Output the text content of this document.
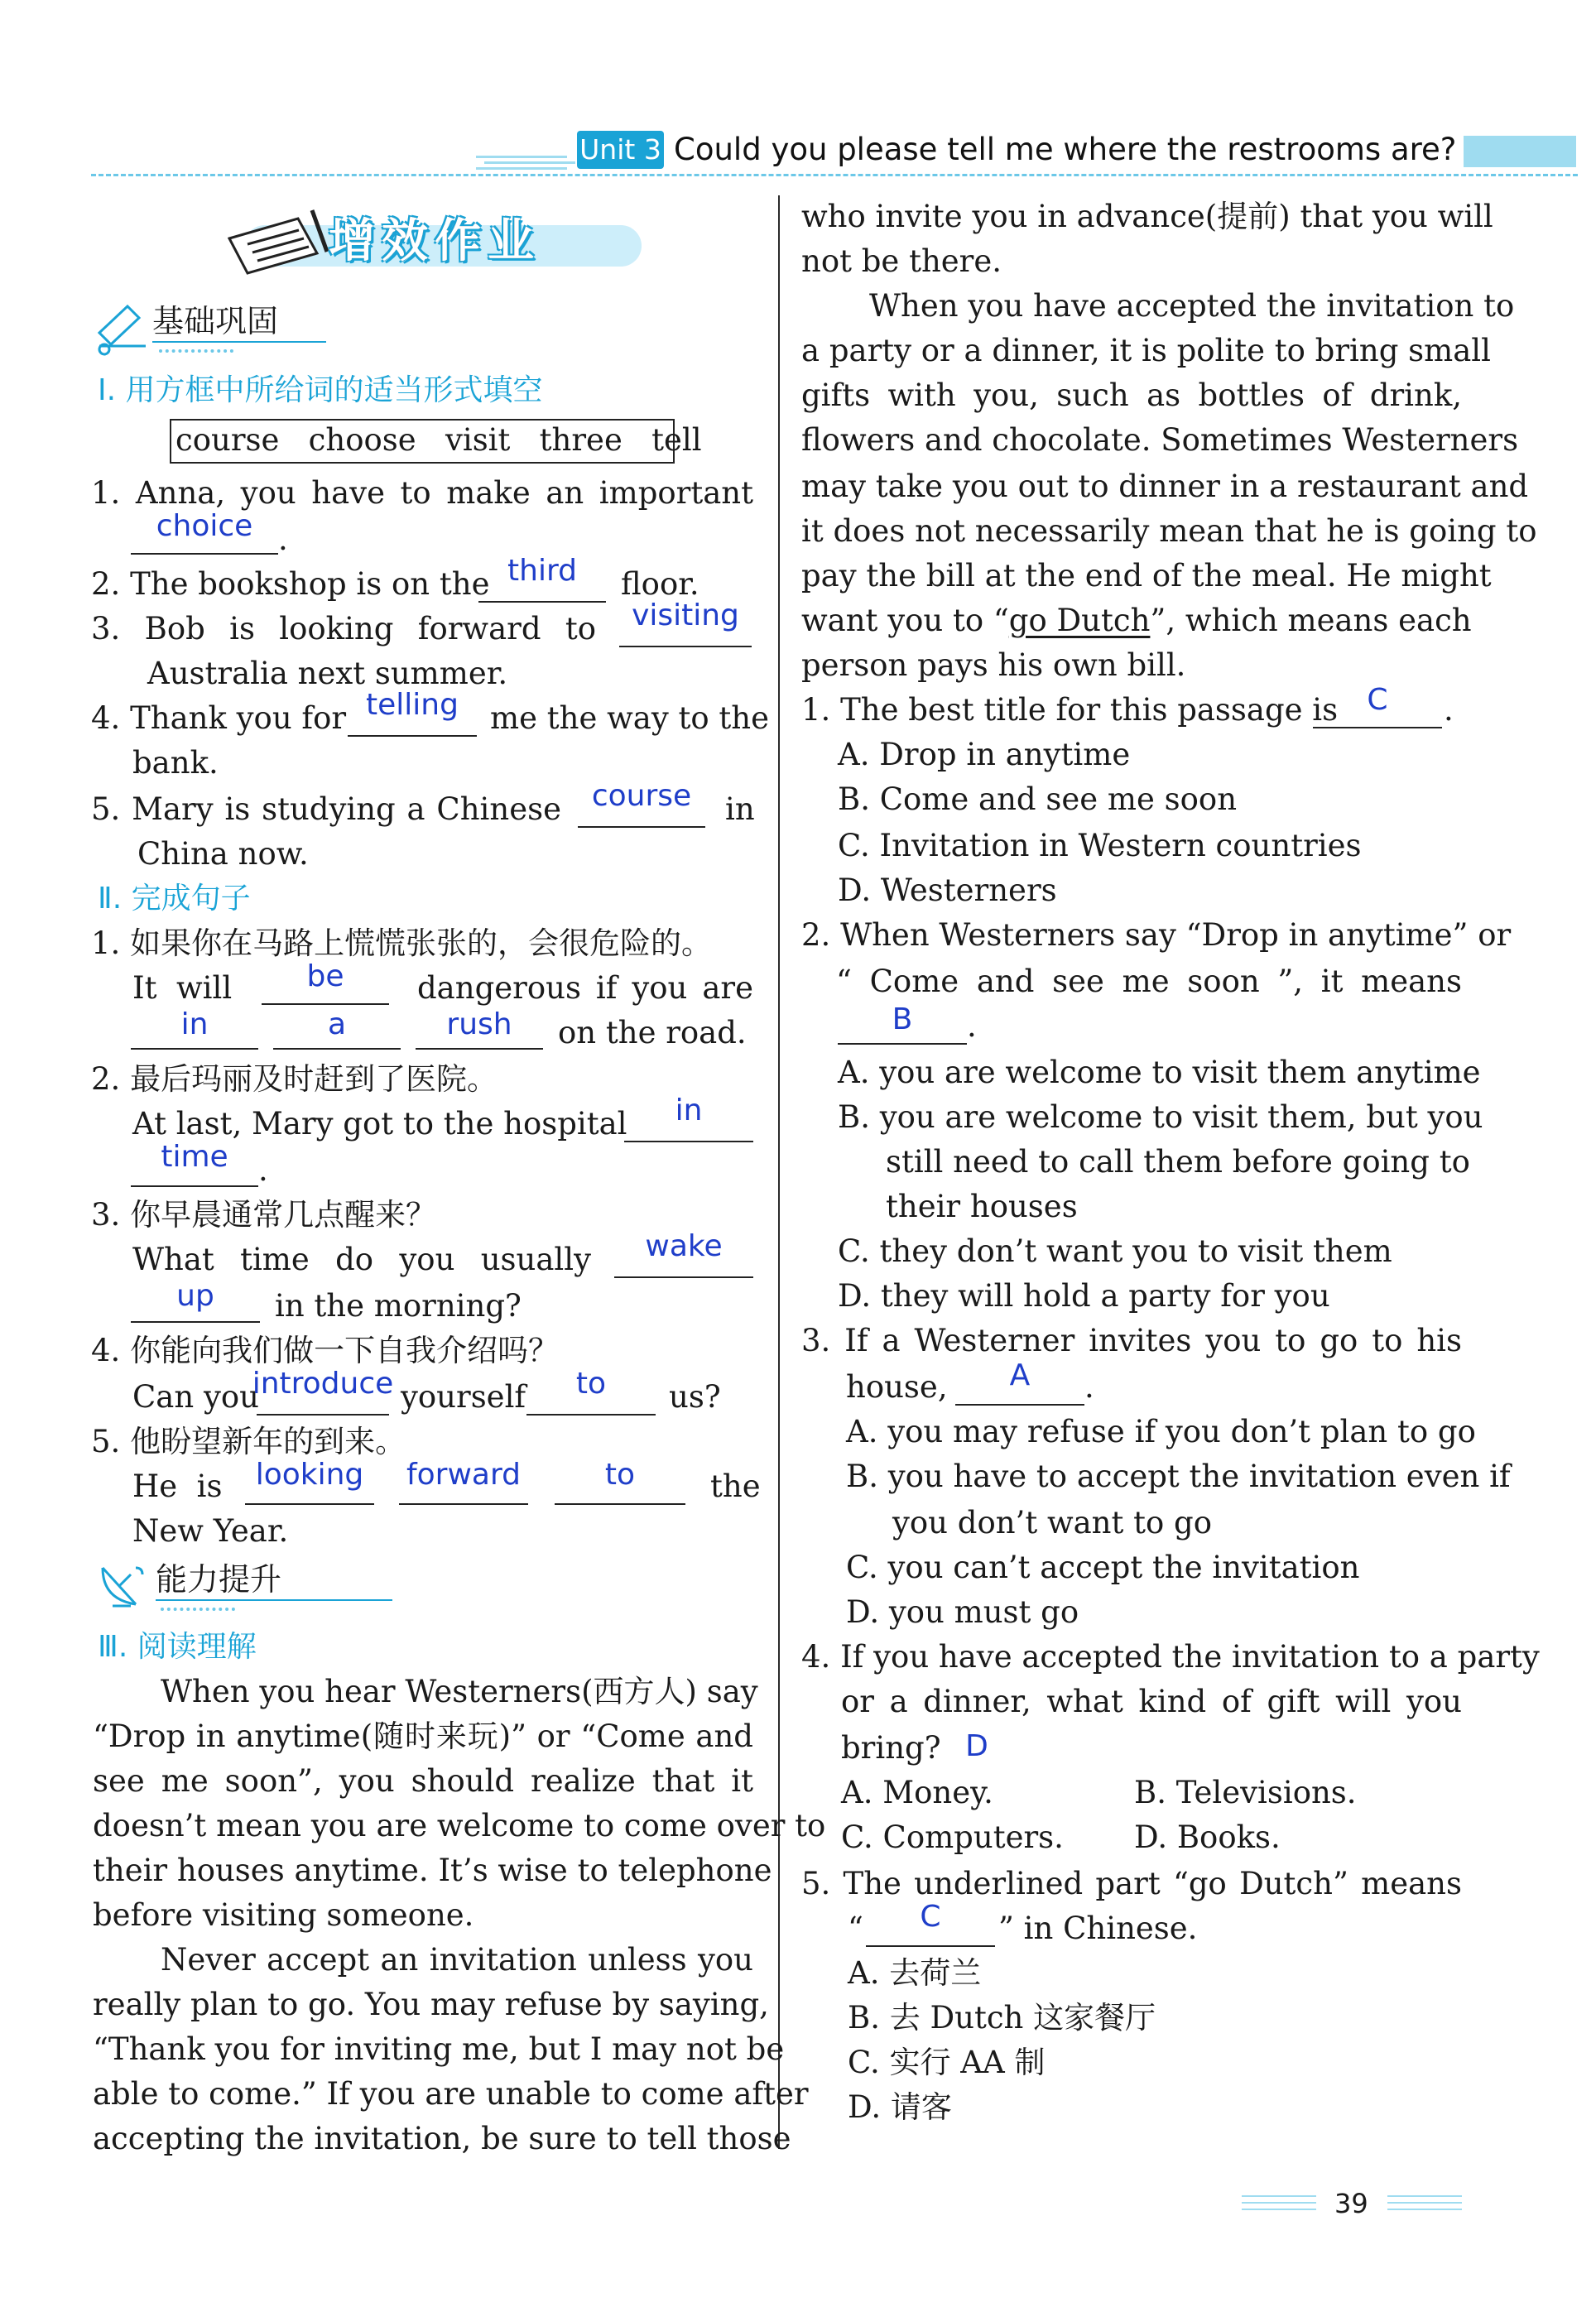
Unit 3 Could you please tell me where the restrooms are?
增效作业
基础巩固
Ⅰ. 用方框中所给词的适当形式填空
course   choose   visit   three   tell
1. Anna, you have to make an important
choice .
2. The bookshop is on the third	floor.
3. Bob is looking forward to	visiting
Australia next summer.
4. Thank you for telling	me the way to the
bank.
5. Mary is studying a Chinese	course	in
China now.
Ⅱ. 完成句子
1. 如果你在马路上慌慌张张的，会很危险的。
It  will	be	dangerous if you are
in	a	rush	on the road.
2. 最后玛丽及时赶到了医院。
At last, Mary got to the hospital	in
time .
3. 你早晨通常几点醒来？
What time do you usually	wake
up	in the morning?
4. 你能向我们做一下自我介绍吗？
Can you
introduce yourself	to	us?
5. 他盼望新年的到来。
He  is	looking	forward	to	the
New Year.
能力提升
Ⅲ. 阅读理解
When you hear Westerners(西方人) say
“Drop in anytime(随时来玩)” or “Come and
see me soon”, you should realize that it
doesn’t mean you are welcome to come over to
their houses anytime. It’s wise to telephone
before visiting someone.
Never accept an invitation unless you
really plan to go. You may refuse by saying,
“Thank you for inviting me, but I may not be
able to come.” If you are unable to come after
accepting the invitation, be sure to tell those
who invite you in advance(提前) that you will
not be there.
When you have accepted the invitation to
a party or a dinner, it is polite to bring small
gifts with you, such as bottles of drink,
flowers and chocolate. Sometimes Westerners
may take you out to dinner in a restaurant and
it does not necessarily mean that he is going to
pay the bill at the end of the meal. He might
want you to “go Dutch”, which means each
person pays his own bill.
1. The best title for this passage is C	.
A. Drop in anytime
B. Come and see me soon
C. Invitation in Western countries
D. Westerners
2. When Westerners say “Drop in anytime” or
“ Come and see me soon ”, it means
B	.
A. you are welcome to visit them anytime
B. you are welcome to visit them, but you
still need to call them before going to
their houses
C. they don’t want you to visit them
D. they will hold a party for you
3. If a Westerner invites you to go to his
house,	A	.
A. you may refuse if you don’t plan to go
B. you have to accept the invitation even if
you don’t want to go
C. you can’t accept the invitation
D. you must go
4. If you have accepted the invitation to a party
or a dinner, what kind of gift will you
bring? D
A. Money.	B. Televisions.
C. Computers. D. Books.
5. The underlined part “go Dutch” means
“	C	” in Chinese.
A. 去荷兰
B. 去 Dutch 这家餐厅
C. 实行 AA 制
D. 请客
39
